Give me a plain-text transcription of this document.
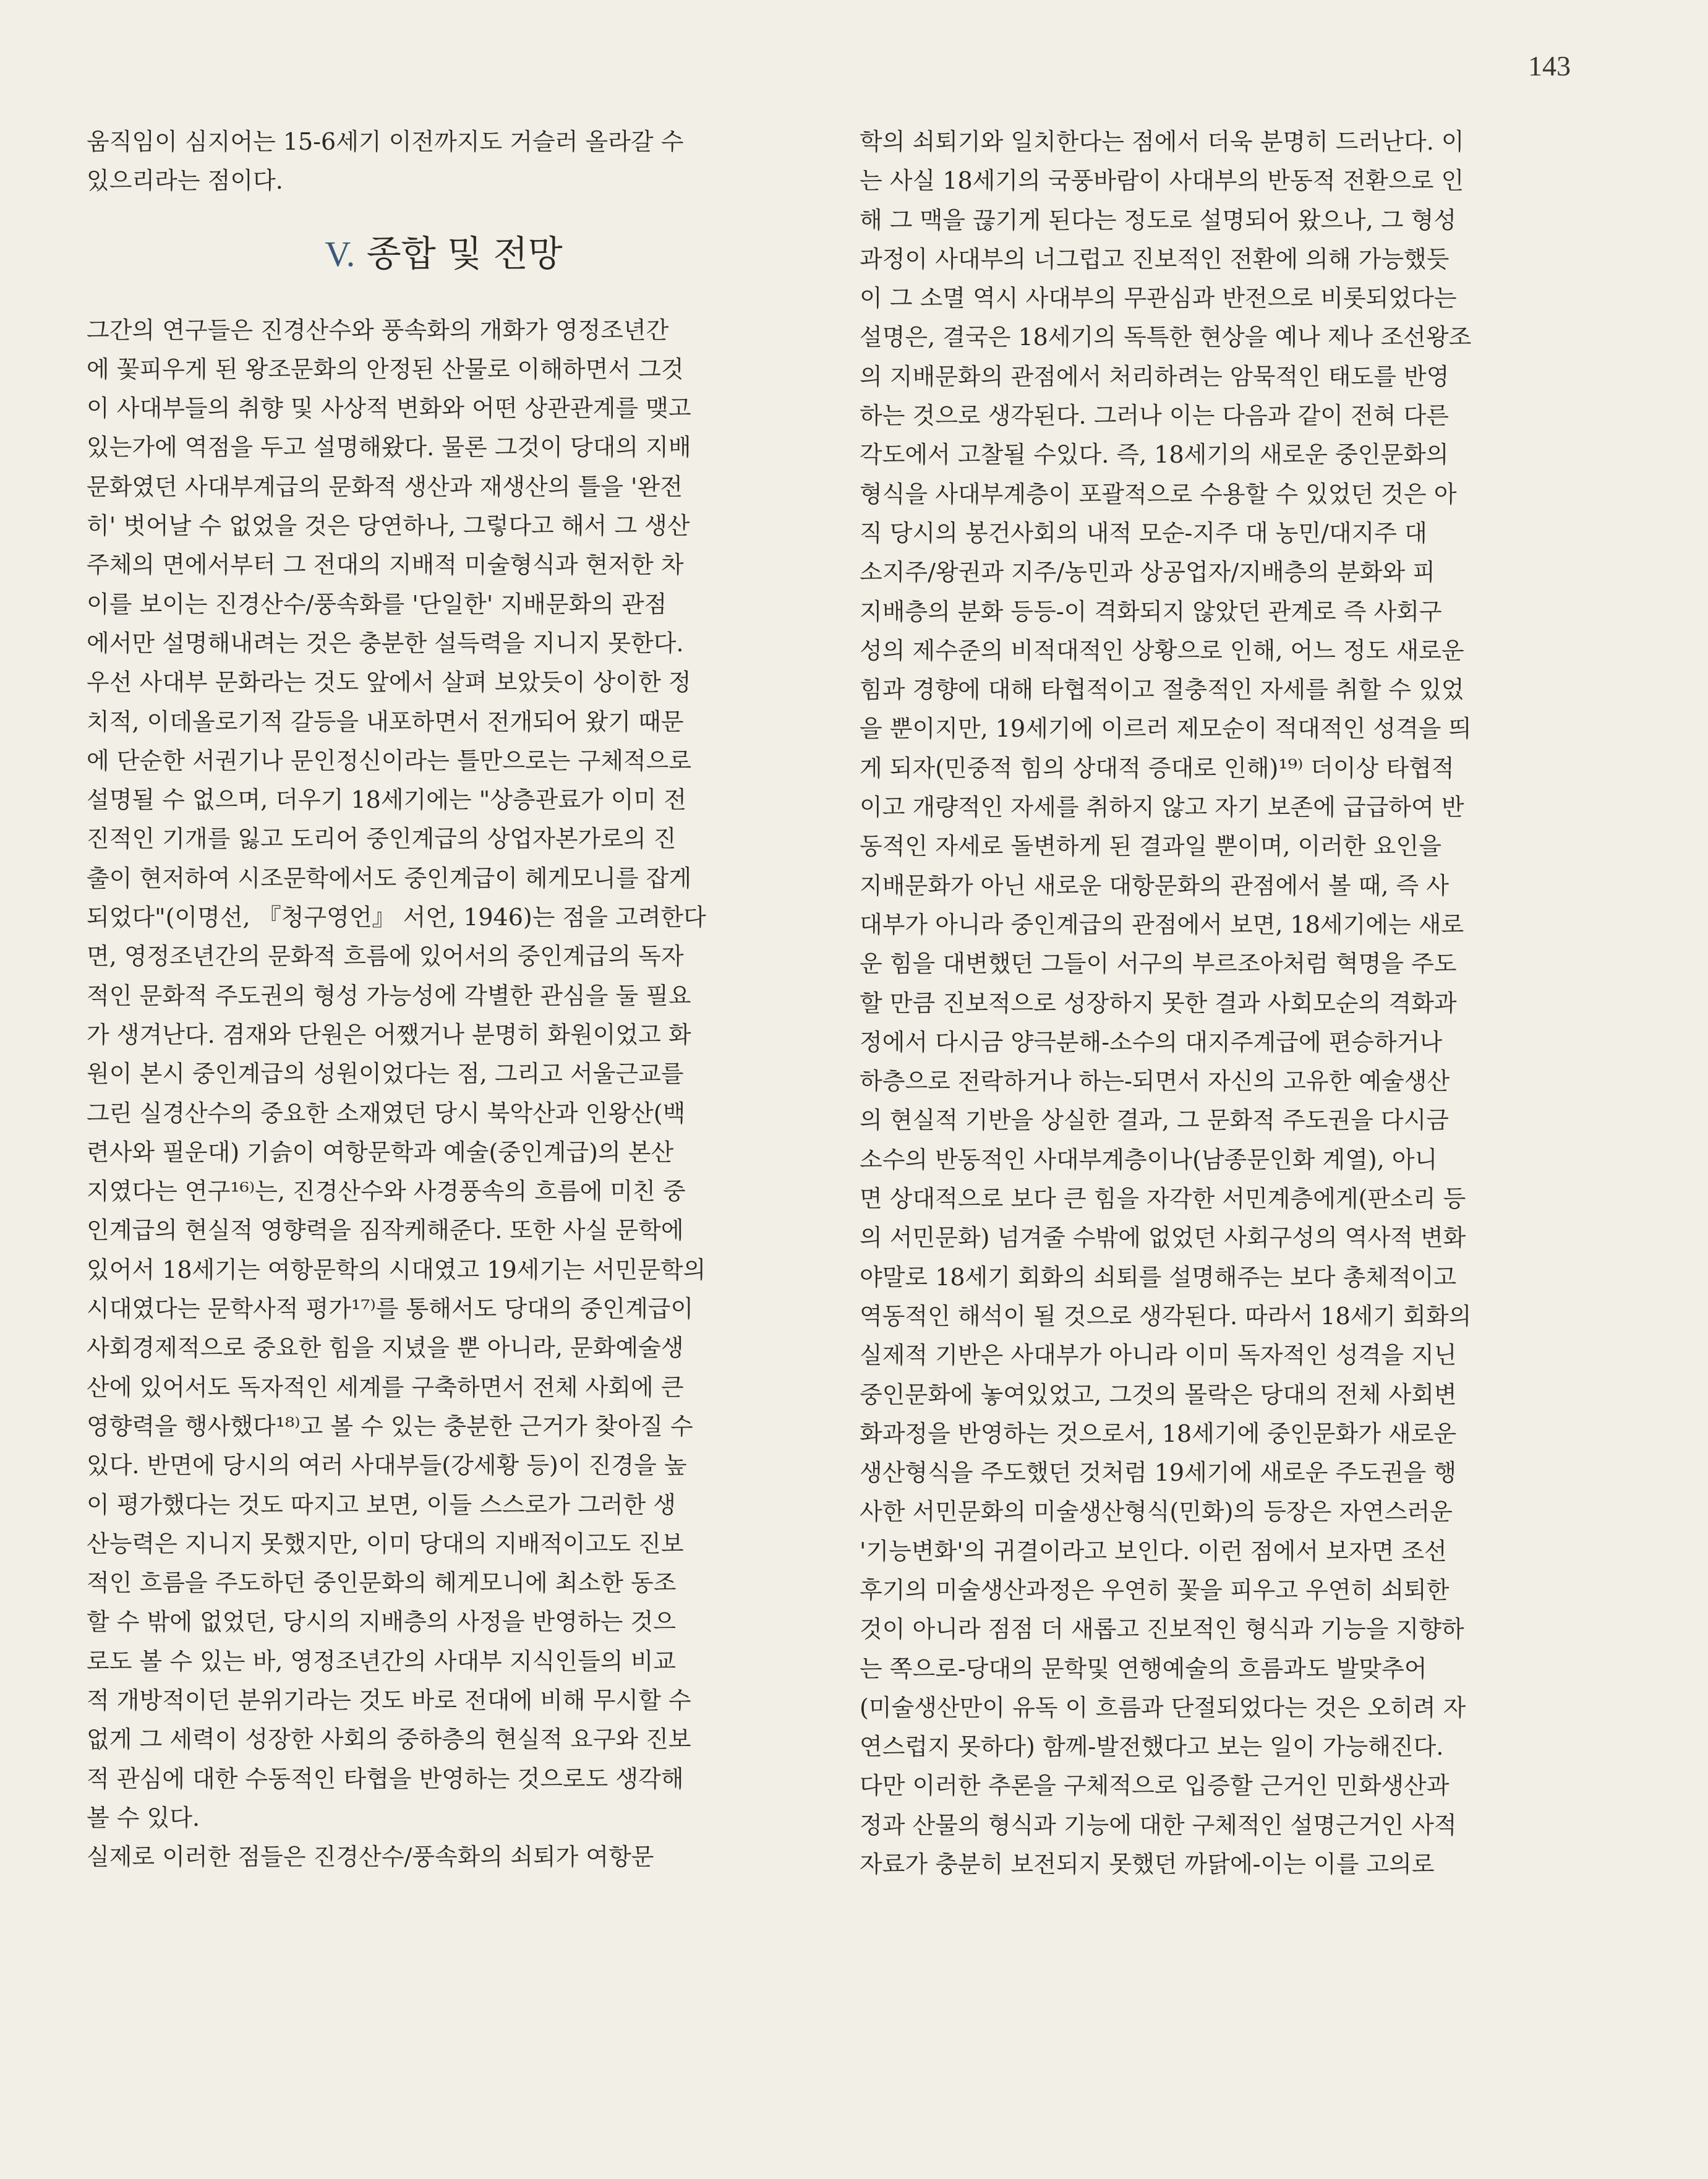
143
움직임이 심지어는 15-6세기 이전까지도 거슬러 올라갈 수
있으리라는 점이다.
V. 종합 및 전망
그간의 연구들은 진경산수와 풍속화의 개화가 영정조년간
에 꽃피우게 된 왕조문화의 안정된 산물로 이해하면서 그것
이 사대부들의 취향 및 사상적 변화와 어떤 상관관계를 맺고
있는가에 역점을 두고 설명해왔다. 물론 그것이 당대의 지배
문화였던 사대부계급의 문화적 생산과 재생산의 틀을 '완전
히' 벗어날 수 없었을 것은 당연하나, 그렇다고 해서 그 생산
주체의 면에서부터 그 전대의 지배적 미술형식과 현저한 차
이를 보이는 진경산수/풍속화를 '단일한' 지배문화의 관점
에서만 설명해내려는 것은 충분한 설득력을 지니지 못한다.
우선 사대부 문화라는 것도 앞에서 살펴 보았듯이 상이한 정
치적, 이데올로기적 갈등을 내포하면서 전개되어 왔기 때문
에 단순한 서권기나 문인정신이라는 틀만으로는 구체적으로
설명될 수 없으며, 더우기 18세기에는 "상층관료가 이미 전
진적인 기개를 잃고 도리어 중인계급의 상업자본가로의 진
출이 현저하여 시조문학에서도 중인계급이 헤게모니를 잡게
되었다"(이명선, 『청구영언』 서언, 1946)는 점을 고려한다
면, 영정조년간의 문화적 흐름에 있어서의 중인계급의 독자
적인 문화적 주도권의 형성 가능성에 각별한 관심을 둘 필요
가 생겨난다. 겸재와 단원은 어쨌거나 분명히 화원이었고 화
원이 본시 중인계급의 성원이었다는 점, 그리고 서울근교를
그린 실경산수의 중요한 소재였던 당시 북악산과 인왕산(백
련사와 필운대) 기슭이 여항문학과 예술(중인계급)의 본산
지였다는 연구¹⁶⁾는, 진경산수와 사경풍속의 흐름에 미친 중
인계급의 현실적 영향력을 짐작케해준다. 또한 사실 문학에
있어서 18세기는 여항문학의 시대였고 19세기는 서민문학의
시대였다는 문학사적 평가¹⁷⁾를 통해서도 당대의 중인계급이
사회경제적으로 중요한 힘을 지녔을 뿐 아니라, 문화예술생
산에 있어서도 독자적인 세계를 구축하면서 전체 사회에 큰
영향력을 행사했다¹⁸⁾고 볼 수 있는 충분한 근거가 찾아질 수
있다. 반면에 당시의 여러 사대부들(강세황 등)이 진경을 높
이 평가했다는 것도 따지고 보면, 이들 스스로가 그러한 생
산능력은 지니지 못했지만, 이미 당대의 지배적이고도 진보
적인 흐름을 주도하던 중인문화의 헤게모니에 최소한 동조
할 수 밖에 없었던, 당시의 지배층의 사정을 반영하는 것으
로도 볼 수 있는 바, 영정조년간의 사대부 지식인들의 비교
적 개방적이던 분위기라는 것도 바로 전대에 비해 무시할 수
없게 그 세력이 성장한 사회의 중하층의 현실적 요구와 진보
적 관심에 대한 수동적인 타협을 반영하는 것으로도 생각해
볼 수 있다.
실제로 이러한 점들은 진경산수/풍속화의 쇠퇴가 여항문
학의 쇠퇴기와 일치한다는 점에서 더욱 분명히 드러난다. 이
는 사실 18세기의 국풍바람이 사대부의 반동적 전환으로 인
해 그 맥을 끊기게 된다는 정도로 설명되어 왔으나, 그 형성
과정이 사대부의 너그럽고 진보적인 전환에 의해 가능했듯
이 그 소멸 역시 사대부의 무관심과 반전으로 비롯되었다는
설명은, 결국은 18세기의 독특한 현상을 예나 제나 조선왕조
의 지배문화의 관점에서 처리하려는 암묵적인 태도를 반영
하는 것으로 생각된다. 그러나 이는 다음과 같이 전혀 다른
각도에서 고찰될 수있다. 즉, 18세기의 새로운 중인문화의
형식을 사대부계층이 포괄적으로 수용할 수 있었던 것은 아
직 당시의 봉건사회의 내적 모순-지주 대 농민/대지주 대
소지주/왕권과 지주/농민과 상공업자/지배층의 분화와 피
지배층의 분화 등등-이 격화되지 않았던 관계로 즉 사회구
성의 제수준의 비적대적인 상황으로 인해, 어느 정도 새로운
힘과 경향에 대해 타협적이고 절충적인 자세를 취할 수 있었
을 뿐이지만, 19세기에 이르러 제모순이 적대적인 성격을 띄
게 되자(민중적 힘의 상대적 증대로 인해)¹⁹⁾ 더이상 타협적
이고 개량적인 자세를 취하지 않고 자기 보존에 급급하여 반
동적인 자세로 돌변하게 된 결과일 뿐이며, 이러한 요인을
지배문화가 아닌 새로운 대항문화의 관점에서 볼 때, 즉 사
대부가 아니라 중인계급의 관점에서 보면, 18세기에는 새로
운 힘을 대변했던 그들이 서구의 부르조아처럼 혁명을 주도
할 만큼 진보적으로 성장하지 못한 결과 사회모순의 격화과
정에서 다시금 양극분해-소수의 대지주계급에 편승하거나
하층으로 전락하거나 하는-되면서 자신의 고유한 예술생산
의 현실적 기반을 상실한 결과, 그 문화적 주도권을 다시금
소수의 반동적인 사대부계층이나(남종문인화 계열), 아니
면 상대적으로 보다 큰 힘을 자각한 서민계층에게(판소리 등
의 서민문화) 넘겨줄 수밖에 없었던 사회구성의 역사적 변화
야말로 18세기 회화의 쇠퇴를 설명해주는 보다 총체적이고
역동적인 해석이 될 것으로 생각된다. 따라서 18세기 회화의
실제적 기반은 사대부가 아니라 이미 독자적인 성격을 지닌
중인문화에 놓여있었고, 그것의 몰락은 당대의 전체 사회변
화과정을 반영하는 것으로서, 18세기에 중인문화가 새로운
생산형식을 주도했던 것처럼 19세기에 새로운 주도권을 행
사한 서민문화의 미술생산형식(민화)의 등장은 자연스러운
'기능변화'의 귀결이라고 보인다. 이런 점에서 보자면 조선
후기의 미술생산과정은 우연히 꽃을 피우고 우연히 쇠퇴한
것이 아니라 점점 더 새롭고 진보적인 형식과 기능을 지향하
는 쪽으로-당대의 문학및 연행예술의 흐름과도 발맞추어
(미술생산만이 유독 이 흐름과 단절되었다는 것은 오히려 자
연스럽지 못하다) 함께-발전했다고 보는 일이 가능해진다.
다만 이러한 추론을 구체적으로 입증할 근거인 민화생산과
정과 산물의 형식과 기능에 대한 구체적인 설명근거인 사적
자료가 충분히 보전되지 못했던 까닭에-이는 이를 고의로
